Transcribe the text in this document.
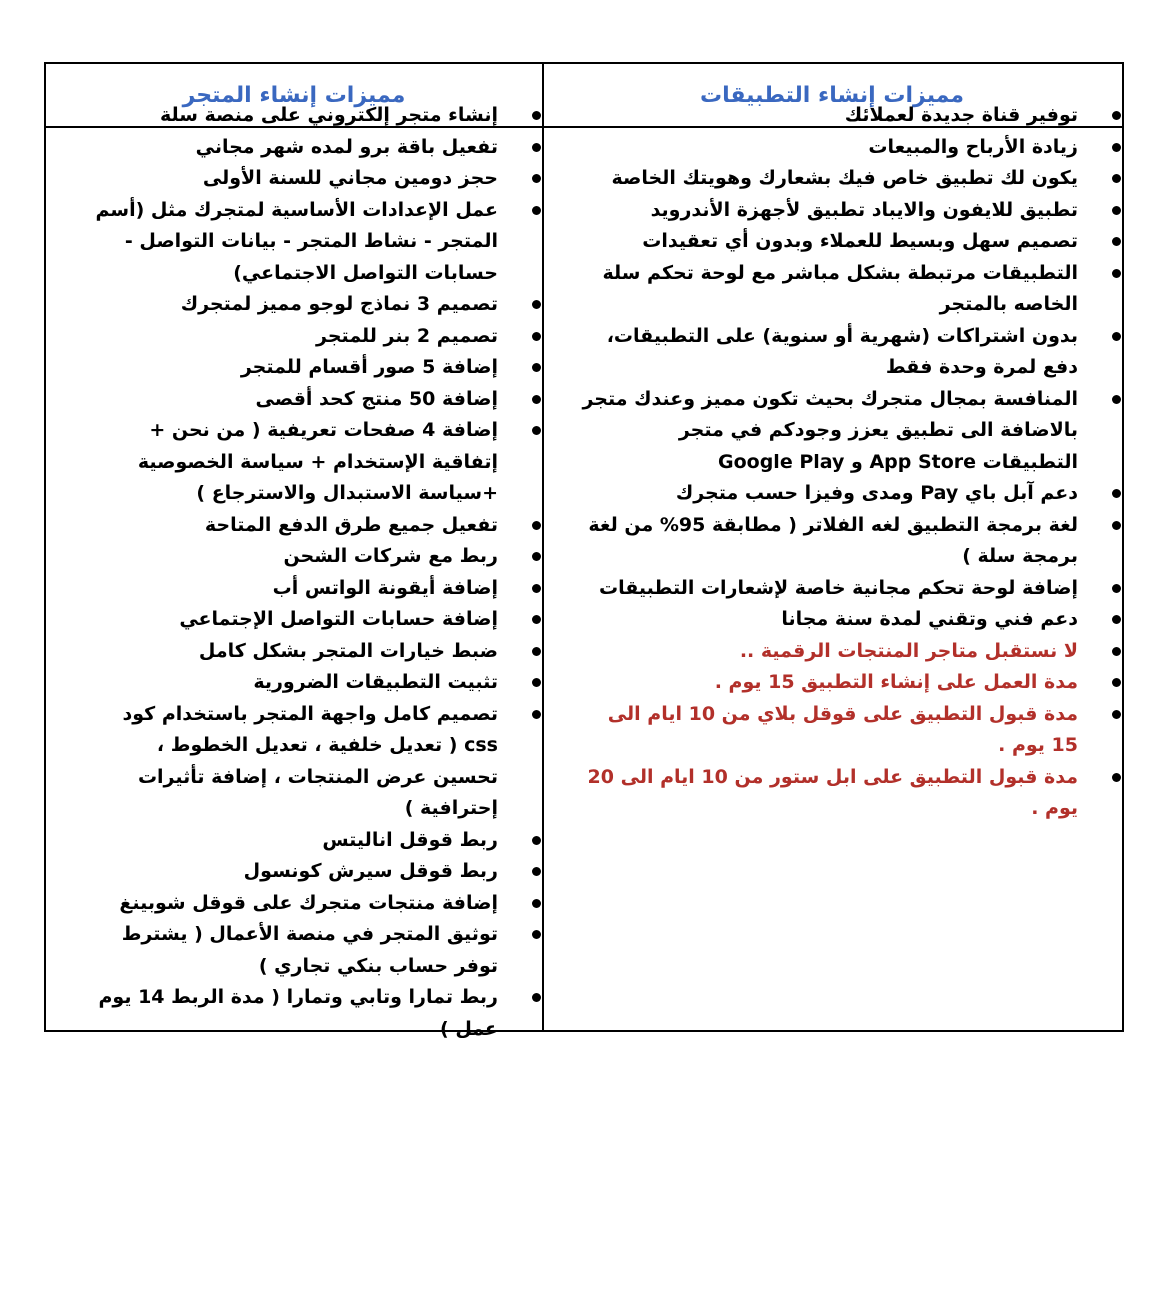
مميزات إنشاء التطبيقات
مميزات إنشاء المتجر
توفير قناة جديدة لعملائك
زيادة الأرباح والمبيعات
يكون لك تطبيق خاص فيك بشعارك وهويتك الخاصة
تطبيق للايفون والايباد تطبيق لأجهزة الأندرويد
تصميم سهل وبسيط للعملاء وبدون أي تعقيدات
التطبيقات مرتبطة بشكل مباشر مع لوحة تحكم سلة الخاصه بالمتجر
بدون اشتراكات (شهرية أو سنوية) على التطبيقات، دفع لمرة وحدة فقط
المنافسة بمجال متجرك بحيث تكون مميز وعندك متجر بالاضافة الى تطبيق يعزز وجودكم في متجر التطبيقات App Store و Google Play
دعم آبل باي Pay ومدى وفيزا حسب متجرك
لغة برمجة التطبيق لغه الفلاتر ( مطابقة 95% من لغة برمجة سلة )
إضافة لوحة تحكم مجانية خاصة لإشعارات التطبيقات
دعم فني وتقني لمدة سنة مجانا
لا نستقبل متاجر المنتجات الرقمية ..
مدة العمل على إنشاء التطبيق 15 يوم .
مدة قبول التطبيق على قوقل بلاي من 10 ايام الى 15 يوم .
مدة قبول التطبيق على ابل ستور من 10 ايام الى 20 يوم .
إنشاء متجر إلكتروني على منصة سلة
تفعيل باقة برو لمده شهر مجاني
حجز دومين مجاني للسنة الأولى
عمل الإعدادات الأساسية لمتجرك مثل (أسم المتجر - نشاط المتجر - بيانات التواصل - حسابات التواصل الاجتماعي)
تصميم 3 نماذج لوجو مميز لمتجرك
تصميم 2 بنر للمتجر
إضافة 5 صور أقسام للمتجر
إضافة 50 منتج كحد أقصى
إضافة 4 صفحات تعريفية ( من نحن + إتفاقية الإستخدام + سياسة الخصوصية +سياسة الاستبدال والاسترجاع )
تفعيل جميع طرق الدفع المتاحة
ربط مع شركات الشحن
إضافة أيقونة الواتس أب
إضافة حسابات التواصل الإجتماعي
ضبط خيارات المتجر بشكل كامل
تثبيت التطبيقات الضرورية
تصميم كامل واجهة المتجر باستخدام كود css ( تعديل خلفية ، تعديل الخطوط ، تحسين عرض المنتجات ، إضافة تأثيرات إحترافية )
ربط قوقل اناليتس
ربط قوقل سيرش كونسول
إضافة منتجات متجرك على قوقل شوبينغ
توثيق المتجر في منصة الأعمال ( يشترط توفر حساب بنكي تجاري )
ربط تمارا وتابي وتمارا ( مدة الربط 14 يوم عمل )
